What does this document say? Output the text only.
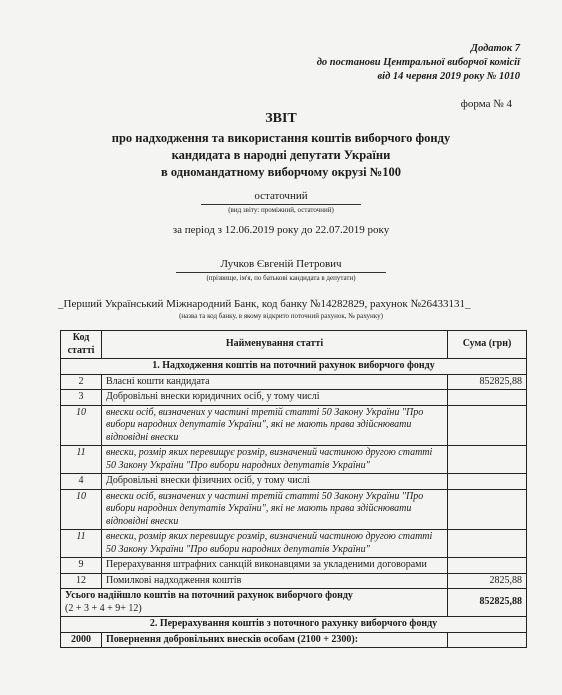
Додаток 7
до постанови Центральної виборчої комісії
від 14 червня 2019 року № 1010
форма № 4
ЗВІТ
про надходження та використання коштів виборчого фонду
кандидата в народні депутати України
в одномандатному виборчому окрузі №100
остаточний
(вид звіту: проміжний, остаточний)
за період з 12.06.2019 року до 22.07.2019 року
Лучков Євгеній Петрович
(прізвище, ім'я, по батькові кандидата в депутати)
_Перший Український Міжнародний Банк, код банку №14282829, рахунок №26433131_
(назва та код банку, в якому відкрито поточний рахунок, № рахунку)
Код статті	Найменування статті	Сума (грн)
1. Надходження коштів на поточний рахунок виборчого фонду		
2	Власні кошти кандидата	852825,88
3	Добровільні внески юридичних осіб, у тому числі	
10	внески осіб, визначених у частині третій статті 50 Закону України "Про вибори народних депутатів України", які не мають права здійснювати відповідні внески	
11	внески, розмір яких перевищує розмір, визначений частиною другою статті 50 Закону України "Про вибори народних депутатів України"	
4	Добровільні внески фізичних осіб, у тому числі	
10	внески осіб, визначених у частині третій статті 50 Закону України "Про вибори народних депутатів України", які не мають права здійснювати відповідні внески	
11	внески, розмір яких перевищує розмір, визначений частиною другою статті 50 Закону України "Про вибори народних депутатів України"	
9	Перерахування штрафних санкцій виконавцями за укладеними договорами	
12	Помилкові надходження коштів	2825,88
Усього надійшло коштів на поточний рахунок виборчого фонду
(2 + 3 + 4 + 9+ 12)		852825,88
2. Перерахування коштів з поточного рахунку виборчого фонду		
2000	Повернення добровільних внесків особам (2100 + 2300):	
